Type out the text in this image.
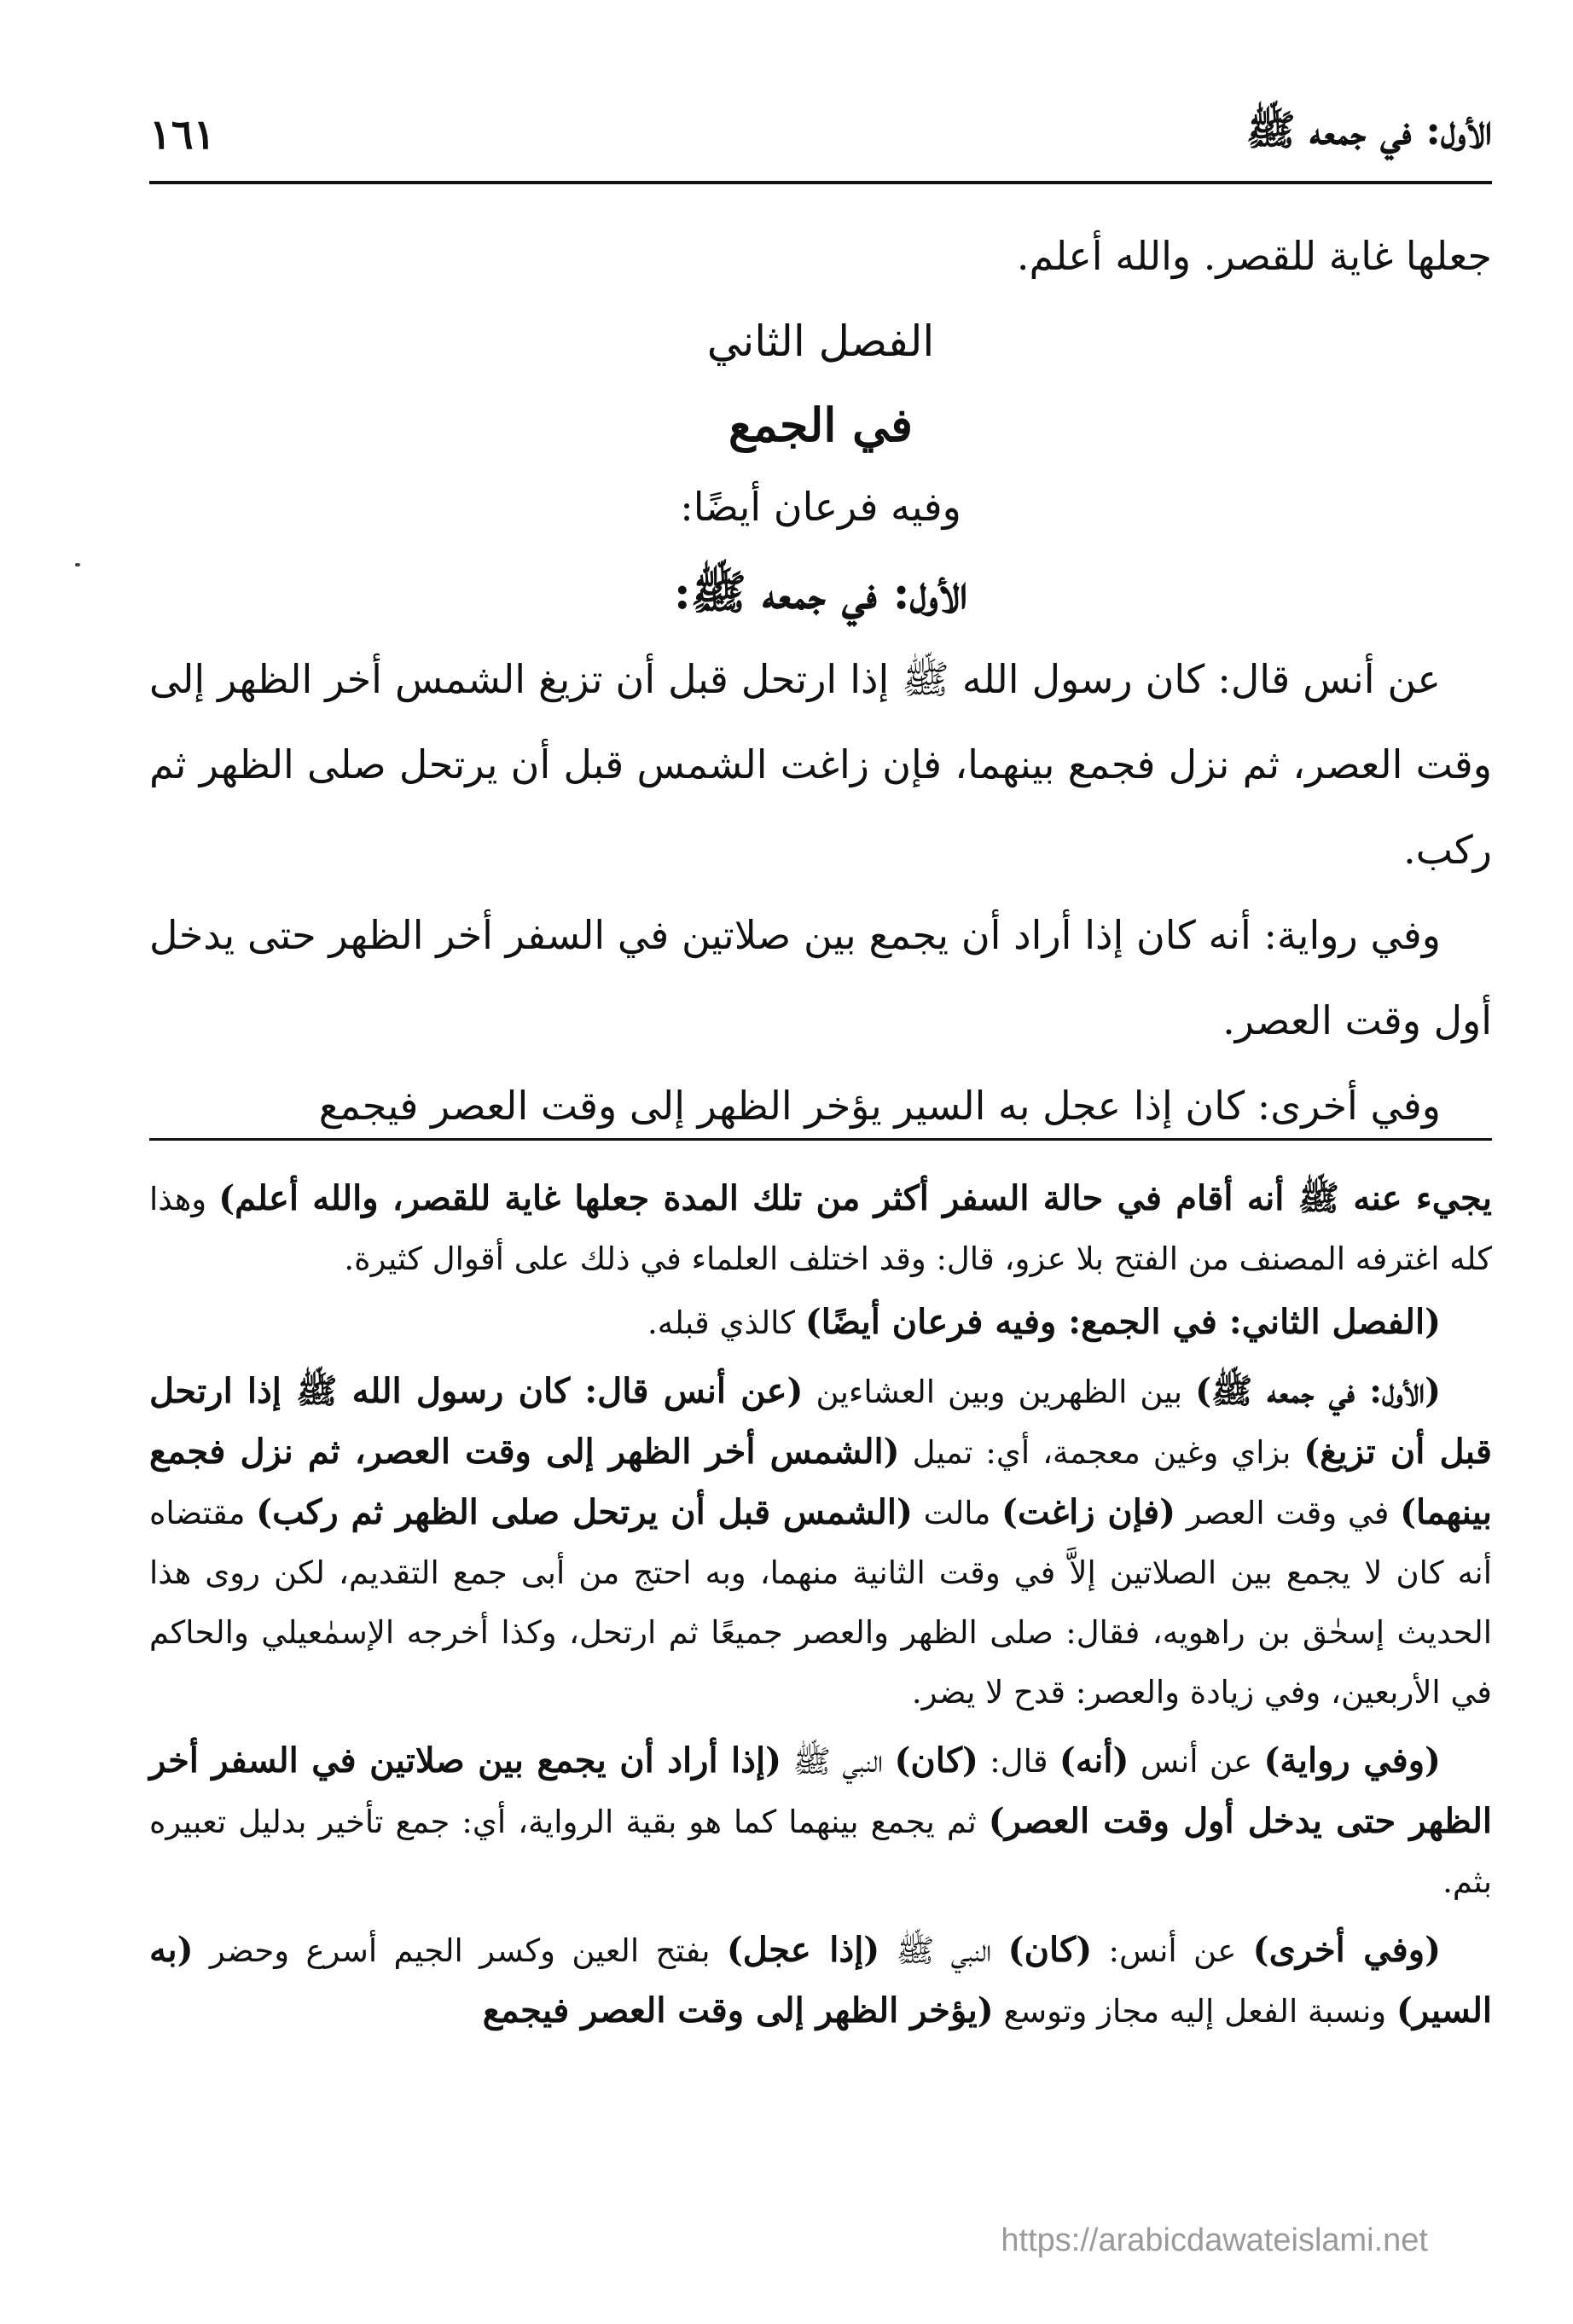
الأول: في جمعه ﷺ
١٦١

جعلها غاية للقصر. والله أعلم.

الفصل الثاني

في الجمع

وفيه فرعان أيضًا:

الأول: في جمعه ﷺ:

عن أنس قال: كان رسول الله ﷺ إذا ارتحل قبل أن تزيغ الشمس أخر الظهر إلى وقت العصر، ثم نزل فجمع بينهما، فإن زاغت الشمس قبل أن يرتحل صلى الظهر ثم ركب.

وفي رواية: أنه كان إذا أراد أن يجمع بين صلاتين في السفر أخر الظهر حتى يدخل أول وقت العصر.

وفي أخرى: كان إذا عجل به السير يؤخر الظهر إلى وقت العصر فيجمع

يجيء عنه ﷺ أنه أقام في حالة السفر أكثر من تلك المدة جعلها غاية للقصر، والله أعلم) وهذا كله اغترفه المصنف من الفتح بلا عزو، قال: وقد اختلف العلماء في ذلك على أقوال كثيرة.

(الفصل الثاني: في الجمع: وفيه فرعان أيضًا) كالذي قبله.

(الأول: في جمعه ﷺ) بين الظهرين وبين العشاءين (عن أنس قال: كان رسول الله ﷺ إذا ارتحل قبل أن تزيغ) بزاي وغين معجمة، أي: تميل (الشمس أخر الظهر إلى وقت العصر، ثم نزل فجمع بينهما) في وقت العصر (فإن زاغت) مالت (الشمس قبل أن يرتحل صلى الظهر ثم ركب) مقتضاه أنه كان لا يجمع بين الصلاتين إلاَّ في وقت الثانية منهما، وبه احتج من أبى جمع التقديم، لكن روى هذا الحديث إسحٰق بن راهويه، فقال: صلى الظهر والعصر جميعًا ثم ارتحل، وكذا أخرجه الإسمٰعيلي والحاكم في الأربعين، وفي زيادة والعصر: قدح لا يضر.

(وفي رواية) عن أنس (أنه) قال: (كان) النبي ﷺ (إذا أراد أن يجمع بين صلاتين في السفر أخر الظهر حتى يدخل أول وقت العصر) ثم يجمع بينهما كما هو بقية الرواية، أي: جمع تأخير بدليل تعبيره بثم.

(وفي أخرى) عن أنس: (كان) النبي ﷺ (إذا عجل) بفتح العين وكسر الجيم أسرع وحضر (به السير) ونسبة الفعل إليه مجاز وتوسع (يؤخر الظهر إلى وقت العصر فيجمع

https://arabicdawateislami.net
